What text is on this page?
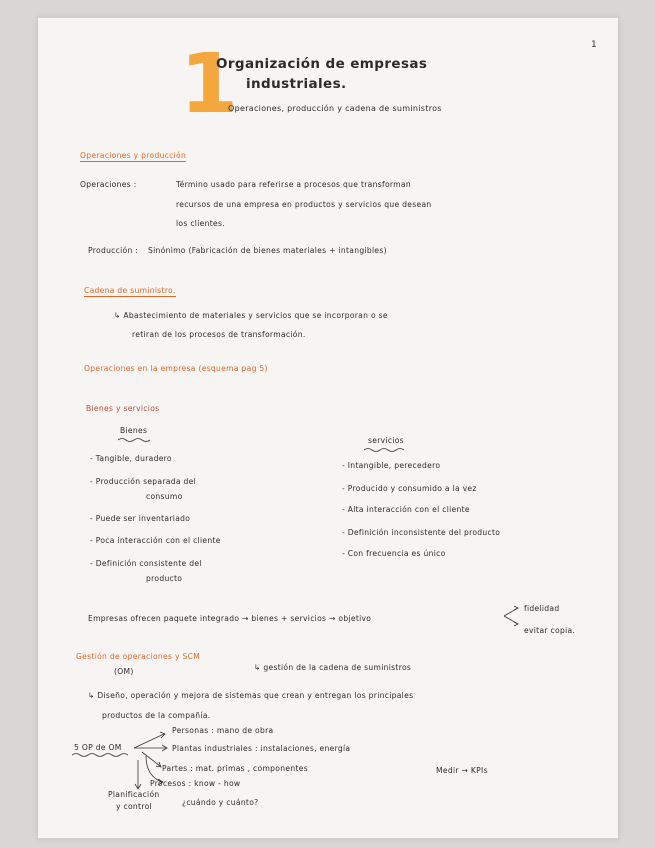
1
1
Organización de empresas
industriales.
Operaciones, producción y cadena de suministros
Operaciones y producción
Operaciones :	Término usado para referirse a procesos que transforman
recursos de una empresa en productos y servicios que desean
los clientes.
Producción : Sinónimo (Fabricación de bienes materiales + intangibles)
Cadena de suministro.
↳ Abastecimiento de materiales y servicios que se incorporan o se
retiran de los procesos de transformación.
Operaciones en la empresa (esquema pag 5)
Bienes y servicios
Bienes
servicios
- Tangible, duradero
- Producción separada del
consumo
- Puede ser inventariado
- Poca interacción con el cliente
- Definición consistente del
producto
- Intangible, perecedero
- Producido y consumido a la vez
- Alta interacción con el cliente
- Definición inconsistente del producto
- Con frecuencia es único
Empresas ofrecen paquete integrado → bienes + servicios → objetivo
fidelidad
evitar copia.
Gestión de operaciones y SCM
(OM)	↳ gestión de la cadena de suministros
↳ Diseño, operación y mejora de sistemas que crean y entregan los principales
productos de la compañía.
5 OP de OM
Personas : mano de obra
Plantas industriales : instalaciones, energía
Partes : mat. primas , componentes
Procesos : know - how
Planificación
y control	¿cuándo y cuánto?
Medir → KPIs
